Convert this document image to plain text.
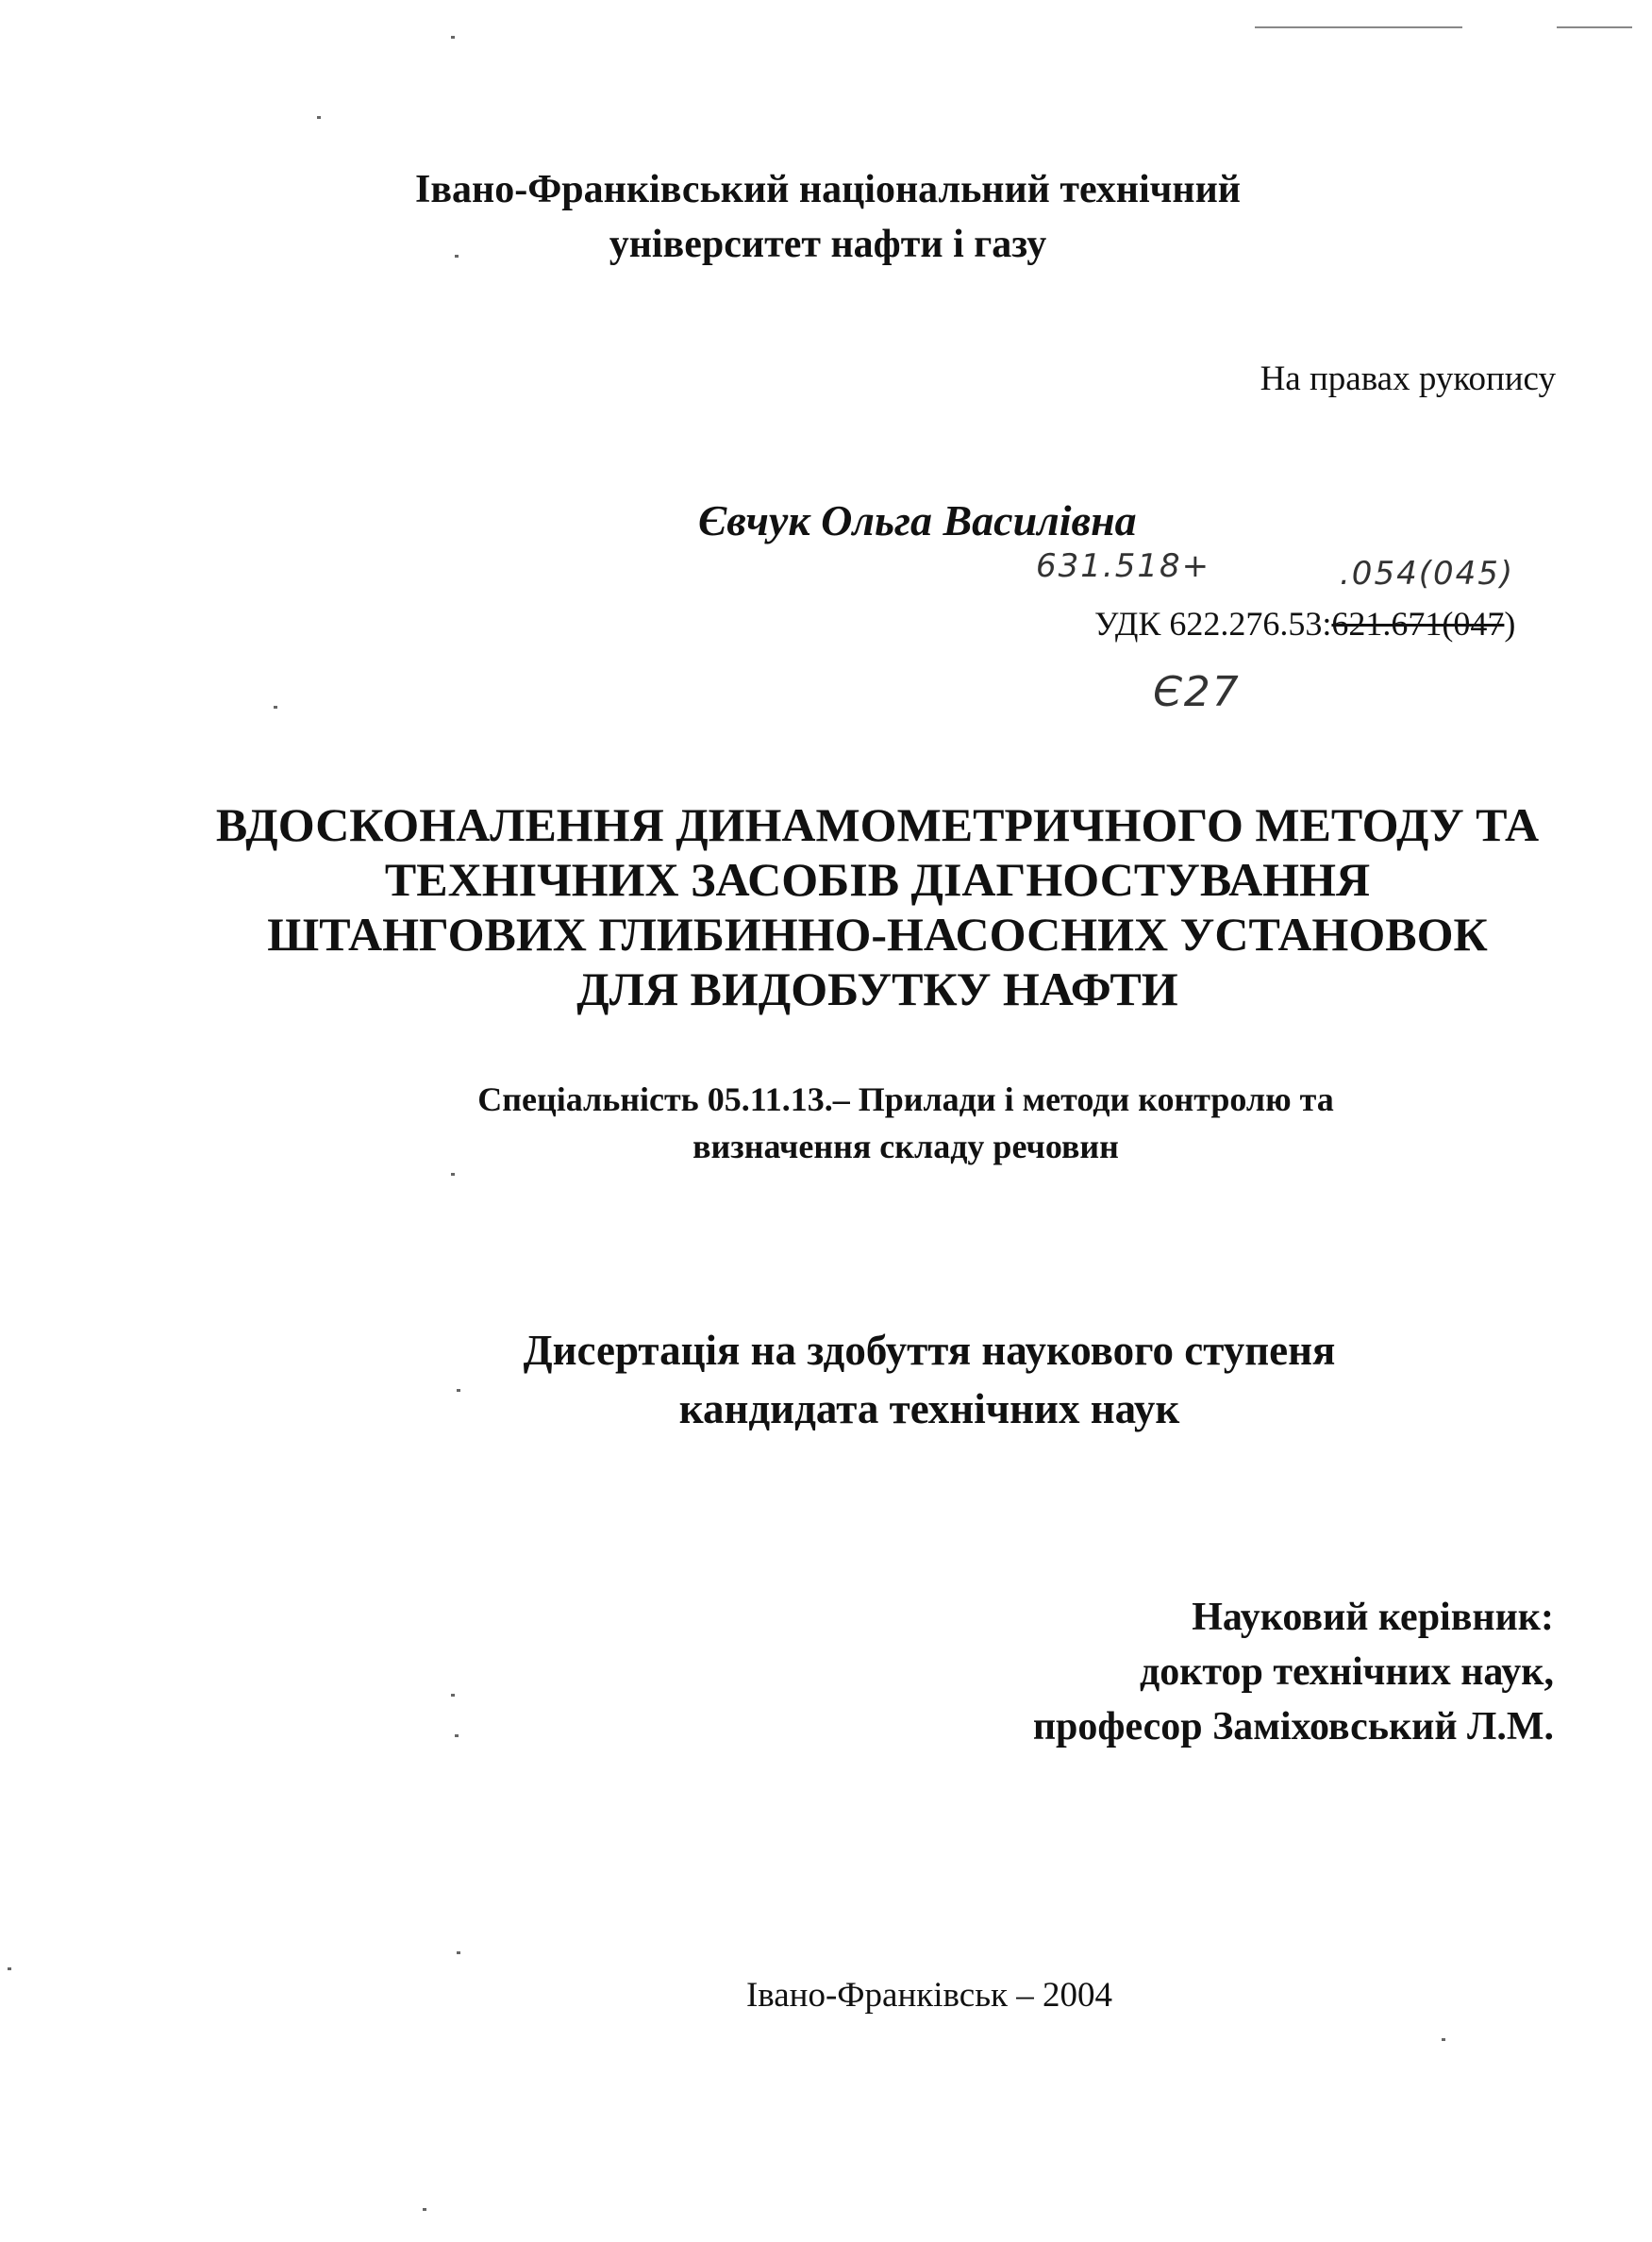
Івано-Франківський національний технічний
університет нафти і газу
На правах рукопису
Євчук Ольга Василівна
631.518+	.054(045)
УДК 622.276.53:621.671(047)
Є27
ВДОСКОНАЛЕННЯ ДИНАМОМЕТРИЧНОГО МЕТОДУ ТА
ТЕХНІЧНИХ ЗАСОБІВ ДІАГНОСТУВАННЯ
ШТАНГОВИХ ГЛИБИННО-НАСОСНИХ УСТАНОВОК
ДЛЯ ВИДОБУТКУ НАФТИ
Спеціальність 05.11.13.– Прилади і методи контролю та
визначення складу речовин
Дисертація на здобуття наукового ступеня
кандидата технічних наук
Науковий керівник:
доктор технічних наук,
професор Заміховський Л.М.
Івано-Франківськ – 2004
